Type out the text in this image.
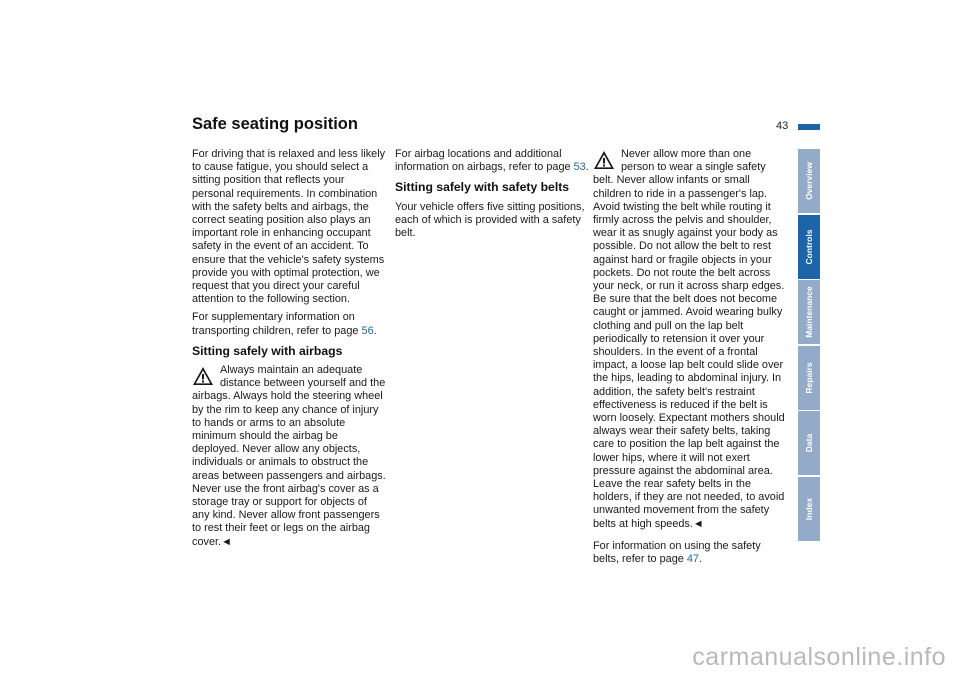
Safe seating position	43

For driving that is relaxed and less likely to cause fatigue, you should select a sitting position that reflects your personal requirements. In combination with the safety belts and airbags, the correct seating position also plays an important role in enhancing occupant safety in the event of an accident. To ensure that the vehicle's safety systems provide you with optimal protection, we request that you direct your careful attention to the following section.

For supplementary information on transporting children, refer to page 56.

Sitting safely with airbags
Always maintain an adequate distance between yourself and the airbags. Always hold the steering wheel by the rim to keep any chance of injury to hands or arms to an absolute minimum should the airbag be deployed. Never allow any objects, individuals or animals to obstruct the areas between passengers and airbags. Never use the front airbag's cover as a storage tray or support for objects of any kind. Never allow front passengers to rest their feet or legs on the airbag cover.◄

For airbag locations and additional information on airbags, refer to page 53.

Sitting safely with safety belts

Your vehicle offers five sitting positions, each of which is provided with a safety belt.

Never allow more than one person to wear a single safety belt. Never allow infants or small children to ride in a passenger's lap. Avoid twisting the belt while routing it firmly across the pelvis and shoulder, wear it as snugly against your body as possible. Do not allow the belt to rest against hard or fragile objects in your pockets. Do not route the belt across your neck, or run it across sharp edges. Be sure that the belt does not become caught or jammed. Avoid wearing bulky clothing and pull on the lap belt periodically to retension it over your shoulders. In the event of a frontal impact, a loose lap belt could slide over the hips, leading to abdominal injury. In addition, the safety belt's restraint effectiveness is reduced if the belt is worn loosely. Expectant mothers should always wear their safety belts, taking care to position the lap belt against the lower hips, where it will not exert pressure against the abdominal area. Leave the rear safety belts in the holders, if they are not needed, to avoid unwanted movement from the safety belts at high speeds.◄

For information on using the safety belts, refer to page 47.

Overview
Controls
Maintenance
Repairs
Data
Index
carmanualsonline.info
